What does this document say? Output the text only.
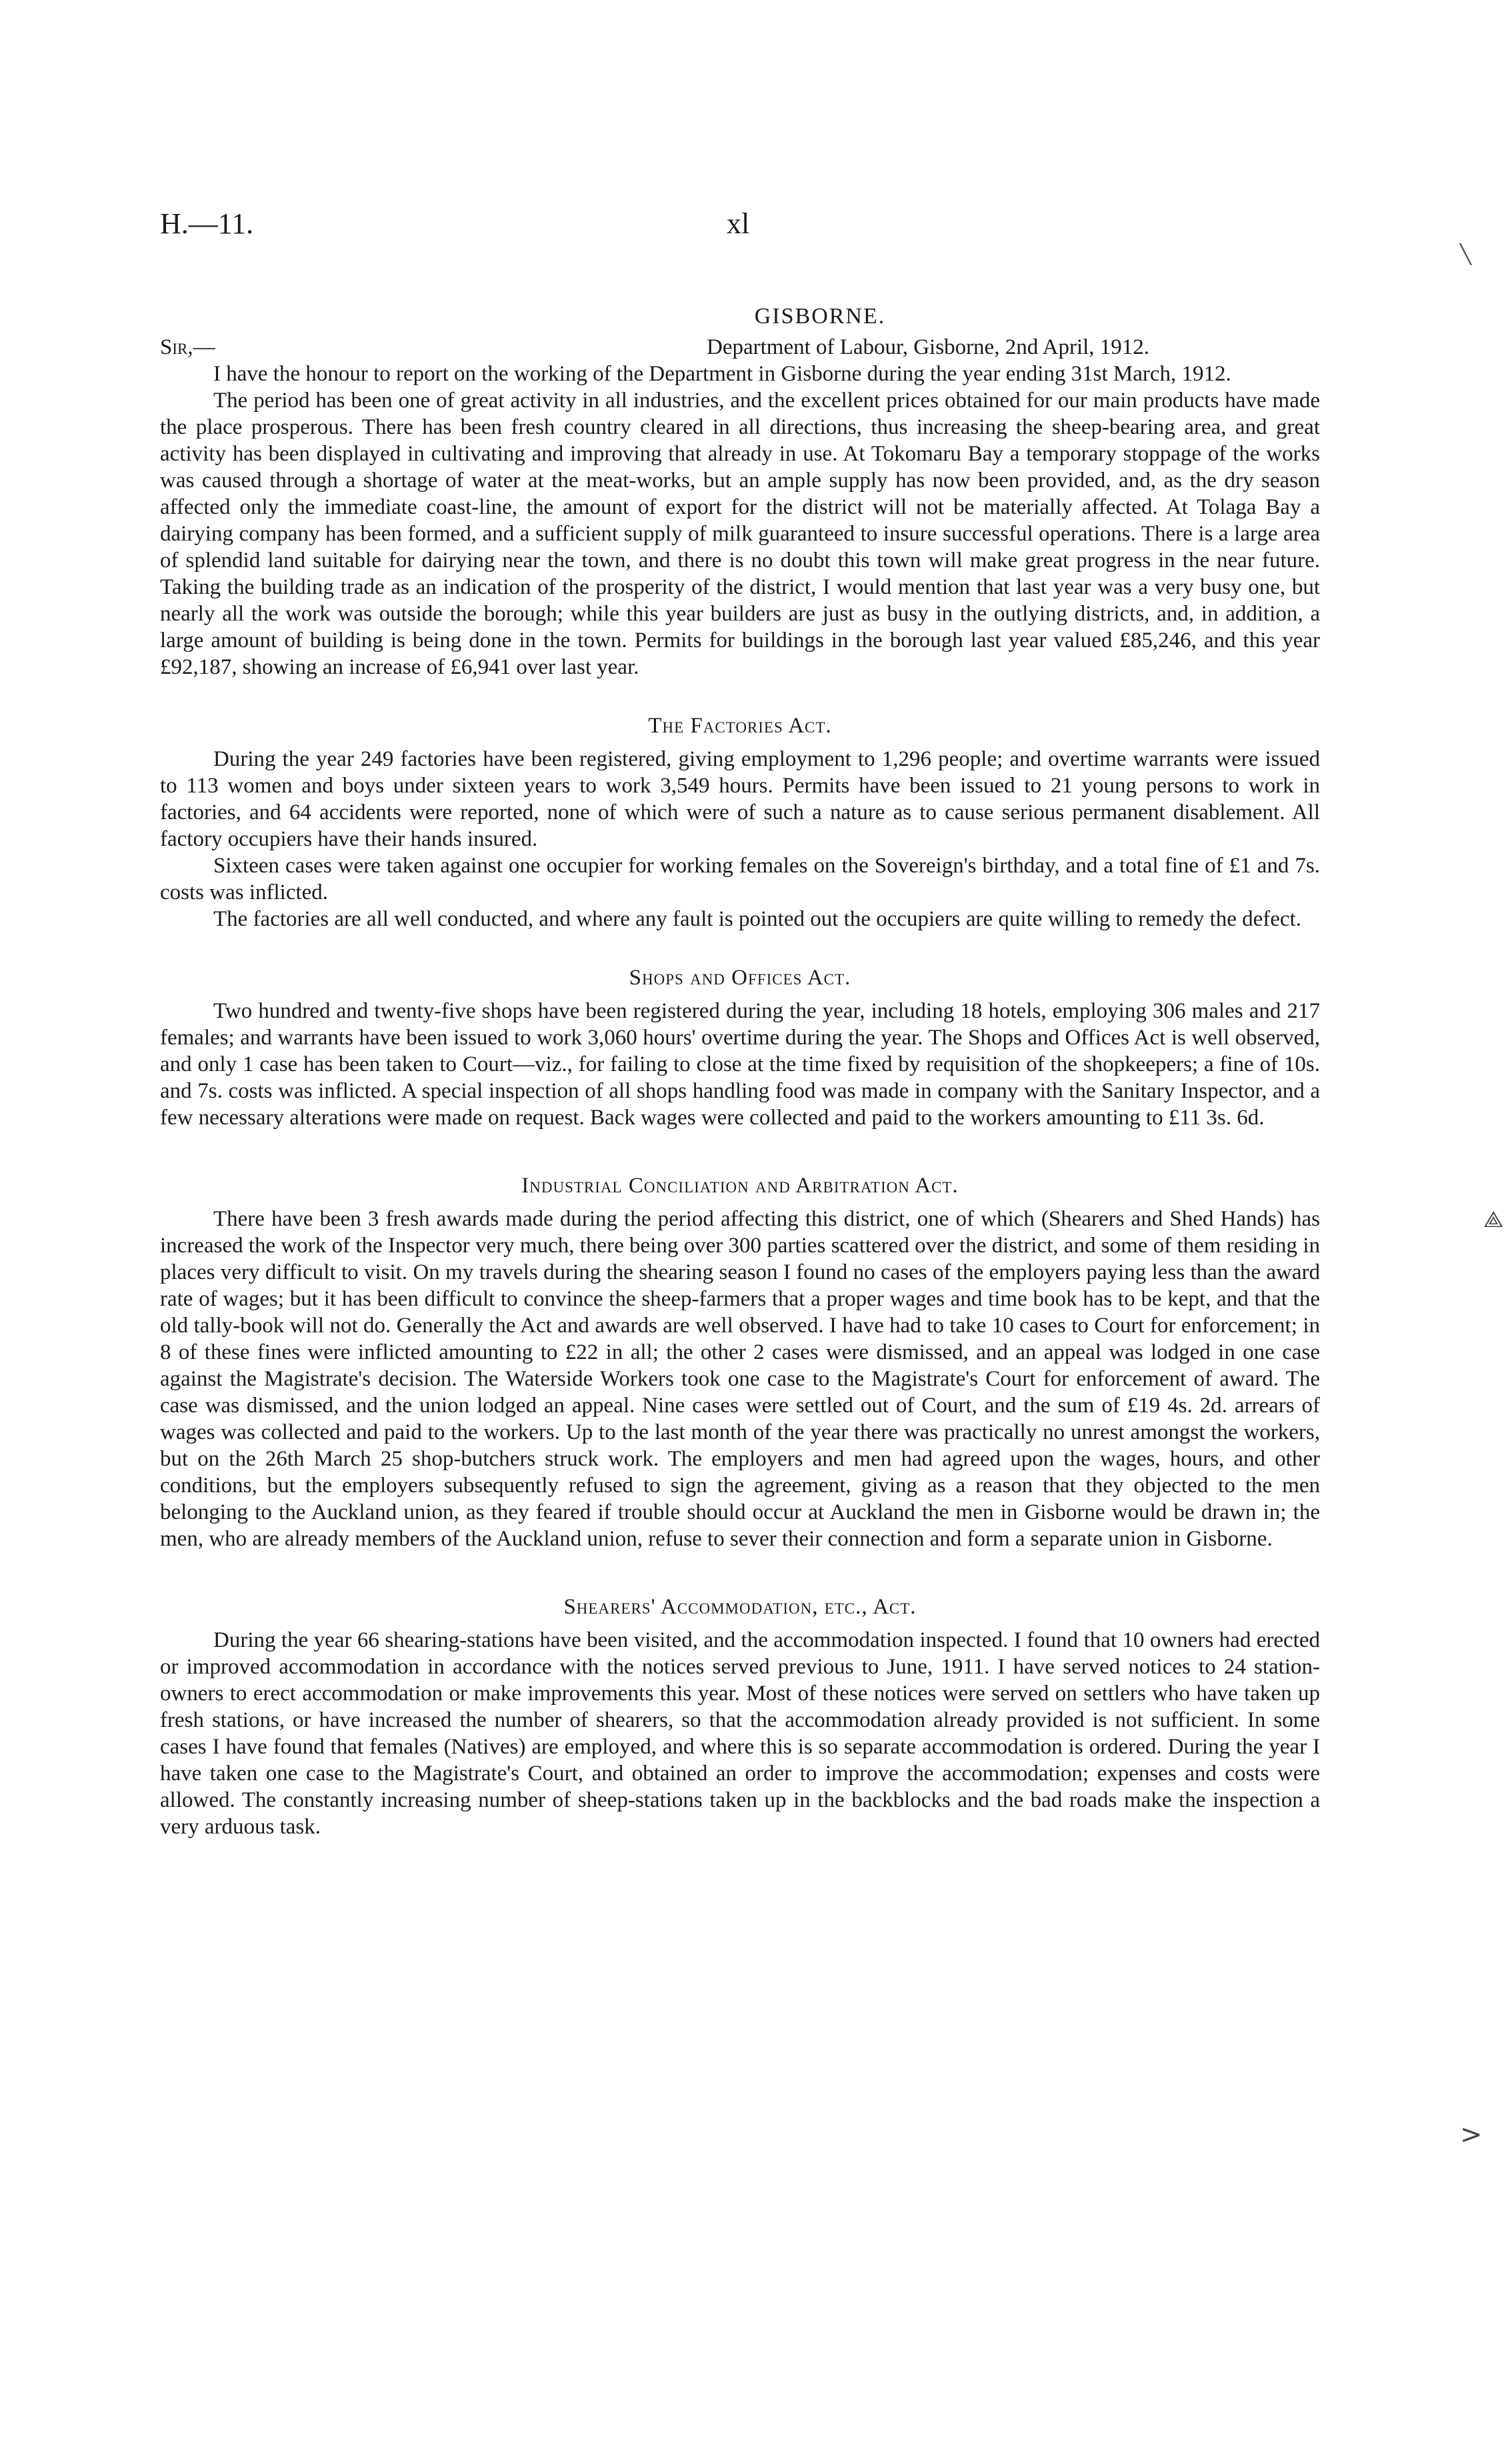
H.—11.	xl
GISBORNE.
Sir,—	Department of Labour, Gisborne, 2nd April, 1912.

I have the honour to report on the working of the Department in Gisborne during the year ending 31st March, 1912.

The period has been one of great activity in all industries, and the excellent prices obtained for our main products have made the place prosperous. There has been fresh country cleared in all directions, thus increasing the sheep-bearing area, and great activity has been displayed in cultivating and improving that already in use. At Tokomaru Bay a temporary stoppage of the works was caused through a shortage of water at the meat-works, but an ample supply has now been provided, and, as the dry season affected only the immediate coast-line, the amount of export for the district will not be materially affected. At Tolaga Bay a dairying company has been formed, and a sufficient supply of milk guaranteed to insure successful operations. There is a large area of splendid land suitable for dairying near the town, and there is no doubt this town will make great progress in the near future. Taking the building trade as an indication of the prosperity of the district, I would mention that last year was a very busy one, but nearly all the work was outside the borough; while this year builders are just as busy in the outlying districts, and, in addition, a large amount of building is being done in the town. Permits for buildings in the borough last year valued £85,246, and this year £92,187, showing an increase of £6,941 over last year.

The Factories Act.

During the year 249 factories have been registered, giving employment to 1,296 people; and overtime warrants were issued to 113 women and boys under sixteen years to work 3,549 hours. Permits have been issued to 21 young persons to work in factories, and 64 accidents were reported, none of which were of such a nature as to cause serious permanent disablement. All factory occupiers have their hands insured.

Sixteen cases were taken against one occupier for working females on the Sovereign's birthday, and a total fine of £1 and 7s. costs was inflicted.

The factories are all well conducted, and where any fault is pointed out the occupiers are quite willing to remedy the defect.

Shops and Offices Act.

Two hundred and twenty-five shops have been registered during the year, including 18 hotels, employing 306 males and 217 females; and warrants have been issued to work 3,060 hours' overtime during the year. The Shops and Offices Act is well observed, and only 1 case has been taken to Court—viz., for failing to close at the time fixed by requisition of the shopkeepers; a fine of 10s. and 7s. costs was inflicted. A special inspection of all shops handling food was made in company with the Sanitary Inspector, and a few necessary alterations were made on request. Back wages were collected and paid to the workers amounting to £11 3s. 6d.

Industrial Conciliation and Arbitration Act.

There have been 3 fresh awards made during the period affecting this district, one of which (Shearers and Shed Hands) has increased the work of the Inspector very much, there being over 300 parties scattered over the district, and some of them residing in places very difficult to visit. On my travels during the shearing season I found no cases of the employers paying less than the award rate of wages; but it has been difficult to convince the sheep-farmers that a proper wages and time book has to be kept, and that the old tally-book will not do. Generally the Act and awards are well observed. I have had to take 10 cases to Court for enforcement; in 8 of these fines were inflicted amounting to £22 in all; the other 2 cases were dismissed, and an appeal was lodged in one case against the Magistrate's decision. The Waterside Workers took one case to the Magistrate's Court for enforcement of award. The case was dismissed, and the union lodged an appeal. Nine cases were settled out of Court, and the sum of £19 4s. 2d. arrears of wages was collected and paid to the workers. Up to the last month of the year there was practically no unrest amongst the workers, but on the 26th March 25 shop-butchers struck work. The employers and men had agreed upon the wages, hours, and other conditions, but the employers subsequently refused to sign the agreement, giving as a reason that they objected to the men belonging to the Auckland union, as they feared if trouble should occur at Auckland the men in Gisborne would be drawn in; the men, who are already members of the Auckland union, refuse to sever their connection and form a separate union in Gisborne.

Shearers' Accommodation, etc., Act.

During the year 66 shearing-stations have been visited, and the accommodation inspected. I found that 10 owners had erected or improved accommodation in accordance with the notices served previous to June, 1911. I have served notices to 24 station-owners to erect accommodation or make improvements this year. Most of these notices were served on settlers who have taken up fresh stations, or have increased the number of shearers, so that the accommodation already provided is not sufficient. In some cases I have found that females (Natives) are employed, and where this is so separate accommodation is ordered. During the year I have taken one case to the Magistrate's Court, and obtained an order to improve the accommodation; expenses and costs were allowed. The constantly increasing number of sheep-stations taken up in the backblocks and the bad roads make the inspection a very arduous task.

╲
⟁
>
